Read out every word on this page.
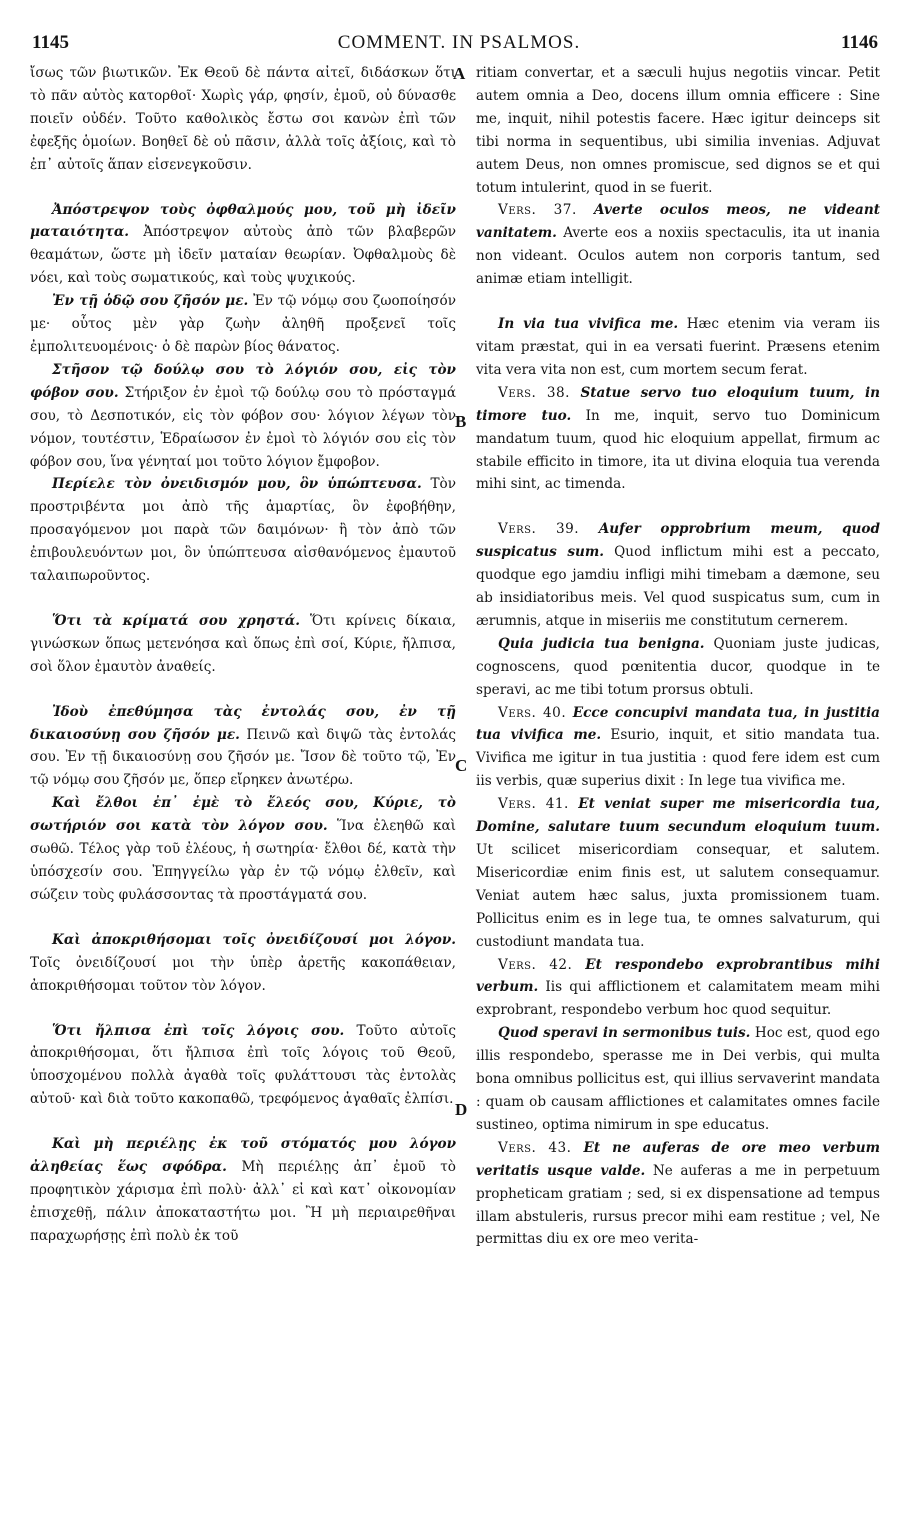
1145	COMMENT. IN PSALMOS.	1146

ἴσως τῶν βιωτικῶν. Ἐκ Θεοῦ δὲ πάντα αἰτεῖ, διδάσκων ὅτι τὸ πᾶν αὐτὸς κατορθοῖ· Χωρὶς γάρ, φησίν, ἐμοῦ, οὐ δύνασθε ποιεῖν οὐδέν. Τοῦτο καθολικὸς ἔστω σοι κανὼν ἐπὶ τῶν ἐφεξῆς ὁμοίων. Βοηθεῖ δὲ οὐ πᾶσιν, ἀλλὰ τοῖς ἀξίοις, καὶ τὸ ἐπ᾽ αὐτοῖς ἅπαν εἰσενεγκοῦσιν.

Ἀπόστρεψον τοὺς ὀφθαλμούς μου, τοῦ μὴ ἰδεῖν ματαιότητα. Ἀπόστρεψον αὐτοὺς ἀπὸ τῶν βλαβερῶν θεαμάτων, ὥστε μὴ ἰδεῖν ματαίαν θεωρίαν. Ὀφθαλμοὺς δὲ νόει, καὶ τοὺς σωματικούς, καὶ τοὺς ψυχικούς.

Ἐν τῇ ὁδῷ σου ζῆσόν με. Ἐν τῷ νόμῳ σου ζωοποίησόν με· οὗτος μὲν γὰρ ζωὴν ἀληθῆ προξενεῖ τοῖς ἐμπολιτευομένοις· ὁ δὲ παρὼν βίος θάνατος.

Στῆσον τῷ δούλῳ σου τὸ λόγιόν σου, εἰς τὸν φόβον σου. Στήριξον ἐν ἐμοὶ τῷ δούλῳ σου τὸ πρόσταγμά σου, τὸ Δεσποτικόν, εἰς τὸν φόβον σου· λόγιον λέγων τὸν νόμον, τουτέστιν, Ἑδραίωσον ἐν ἐμοὶ τὸ λόγιόν σου εἰς τὸν φόβον σου, ἵνα γένηταί μοι τοῦτο λόγιον ἔμφοβον.

Περίελε τὸν ὀνειδισμόν μου, ὃν ὑπώπτευσα. Τὸν προστριβέντα μοι ἀπὸ τῆς ἁμαρτίας, ὃν ἐφοβήθην, προσαγόμενον μοι παρὰ τῶν δαιμόνων· ἢ τὸν ἀπὸ τῶν ἐπιβουλευόντων μοι, ὃν ὑπώπτευσα αἰσθανόμενος ἐμαυτοῦ ταλαιπωροῦντος.

Ὅτι τὰ κρίματά σου χρηστά. Ὅτι κρίνεις δίκαια, γινώσκων ὅπως μετενόησα καὶ ὅπως ἐπὶ σοί, Κύριε, ἤλπισα, σοὶ ὅλον ἐμαυτὸν ἀναθείς.

Ἰδοὺ ἐπεθύμησα τὰς ἐντολάς σου, ἐν τῇ δικαιοσύνῃ σου ζῆσόν με. Πεινῶ καὶ διψῶ τὰς ἐντολάς σου. Ἐν τῇ δικαιοσύνῃ σου ζῆσόν με. Ἴσον δὲ τοῦτο τῷ, Ἐν τῷ νόμῳ σου ζῆσόν με, ὅπερ εἴρηκεν ἀνωτέρω.

Καὶ ἔλθοι ἐπ᾽ ἐμὲ τὸ ἔλεός σου, Κύριε, τὸ σωτήριόν σοι κατὰ τὸν λόγον σου. Ἵνα ἐλεηθῶ καὶ σωθῶ. Τέλος γὰρ τοῦ ἐλέους, ἡ σωτηρία· ἔλθοι δέ, κατὰ τὴν ὑπόσχεσίν σου. Ἐπηγγείλω γὰρ ἐν τῷ νόμῳ ἐλθεῖν, καὶ σώζειν τοὺς φυλάσσοντας τὰ προστάγματά σου.

Καὶ ἀποκριθήσομαι τοῖς ὀνειδίζουσί μοι λόγον. Τοῖς ὀνειδίζουσί μοι τὴν ὑπὲρ ἀρετῆς κακοπάθειαν, ἀποκριθήσομαι τοῦτον τὸν λόγον.

Ὅτι ἤλπισα ἐπὶ τοῖς λόγοις σου. Τοῦτο αὐτοῖς ἀποκριθήσομαι, ὅτι ἤλπισα ἐπὶ τοῖς λόγοις τοῦ Θεοῦ, ὑποσχομένου πολλὰ ἀγαθὰ τοῖς φυλάττουσι τὰς ἐντολὰς αὐτοῦ· καὶ διὰ τοῦτο κακοπαθῶ, τρεφόμενος ἀγαθαῖς ἐλπίσι.

Καὶ μὴ περιέλῃς ἐκ τοῦ στόματός μου λόγον ἀληθείας ἕως σφόδρα. Μὴ περιέλῃς ἀπ᾽ ἐμοῦ τὸ προφητικὸν χάρισμα ἐπὶ πολὺ· ἀλλ᾽ εἰ καὶ κατ᾽ οἰκονομίαν ἐπισχεθῇ, πάλιν ἀποκαταστήτω μοι. Ἢ μὴ περιαιρεθῆναι παραχωρήσῃς ἐπὶ πολὺ ἐκ τοῦ

A
B
C
D

ritiam convertar, et a sæculi hujus negotiis vincar. Petit autem omnia a Deo, docens illum omnia efficere : Sine me, inquit, nihil potestis facere. Hæc igitur deinceps sit tibi norma in sequentibus, ubi similia invenias. Adjuvat autem Deus, non omnes promiscue, sed dignos se et qui totum intulerint, quod in se fuerit.

Vers. 37. Averte oculos meos, ne videant vanitatem. Averte eos a noxiis spectaculis, ita ut inania non videant. Oculos autem non corporis tantum, sed animæ etiam intelligit.

In via tua vivifica me. Hæc etenim via veram iis vitam præstat, qui in ea versati fuerint. Præsens etenim vita vera vita non est, cum mortem secum ferat.

Vers. 38. Statue servo tuo eloquium tuum, in timore tuo. In me, inquit, servo tuo Dominicum mandatum tuum, quod hic eloquium appellat, firmum ac stabile efficito in timore, ita ut divina eloquia tua verenda mihi sint, ac timenda.

Vers. 39. Aufer opprobrium meum, quod suspicatus sum. Quod inflictum mihi est a peccato, quodque ego jamdiu infligi mihi timebam a dæmone, seu ab insidiatoribus meis. Vel quod suspicatus sum, cum in ærumnis, atque in miseriis me constitutum cernerem.

Quia judicia tua benigna. Quoniam juste judicas, cognoscens, quod pœnitentia ducor, quodque in te speravi, ac me tibi totum prorsus obtuli.

Vers. 40. Ecce concupivi mandata tua, in justitia tua vivifica me. Esurio, inquit, et sitio mandata tua. Vivifica me igitur in tua justitia : quod fere idem est cum iis verbis, quæ superius dixit : In lege tua vivifica me.

Vers. 41. Et veniat super me misericordia tua, Domine, salutare tuum secundum eloquium tuum. Ut scilicet misericordiam consequar, et salutem. Misericordiæ enim finis est, ut salutem consequamur. Veniat autem hæc salus, juxta promissionem tuam. Pollicitus enim es in lege tua, te omnes salvaturum, qui custodiunt mandata tua.

Vers. 42. Et respondebo exprobrantibus mihi verbum. Iis qui afflictionem et calamitatem meam mihi exprobrant, respondebo verbum hoc quod sequitur.

Quod speravi in sermonibus tuis. Hoc est, quod ego illis respondebo, sperasse me in Dei verbis, qui multa bona omnibus pollicitus est, qui illius servaverint mandata : quam ob causam afflictiones et calamitates omnes facile sustineo, optima nimirum in spe educatus.

Vers. 43. Et ne auferas de ore meo verbum veritatis usque valde. Ne auferas a me in perpetuum propheticam gratiam ; sed, si ex dispensatione ad tempus illam abstuleris, rursus precor mihi eam restitue ; vel, Ne permittas diu ex ore meo verita-
